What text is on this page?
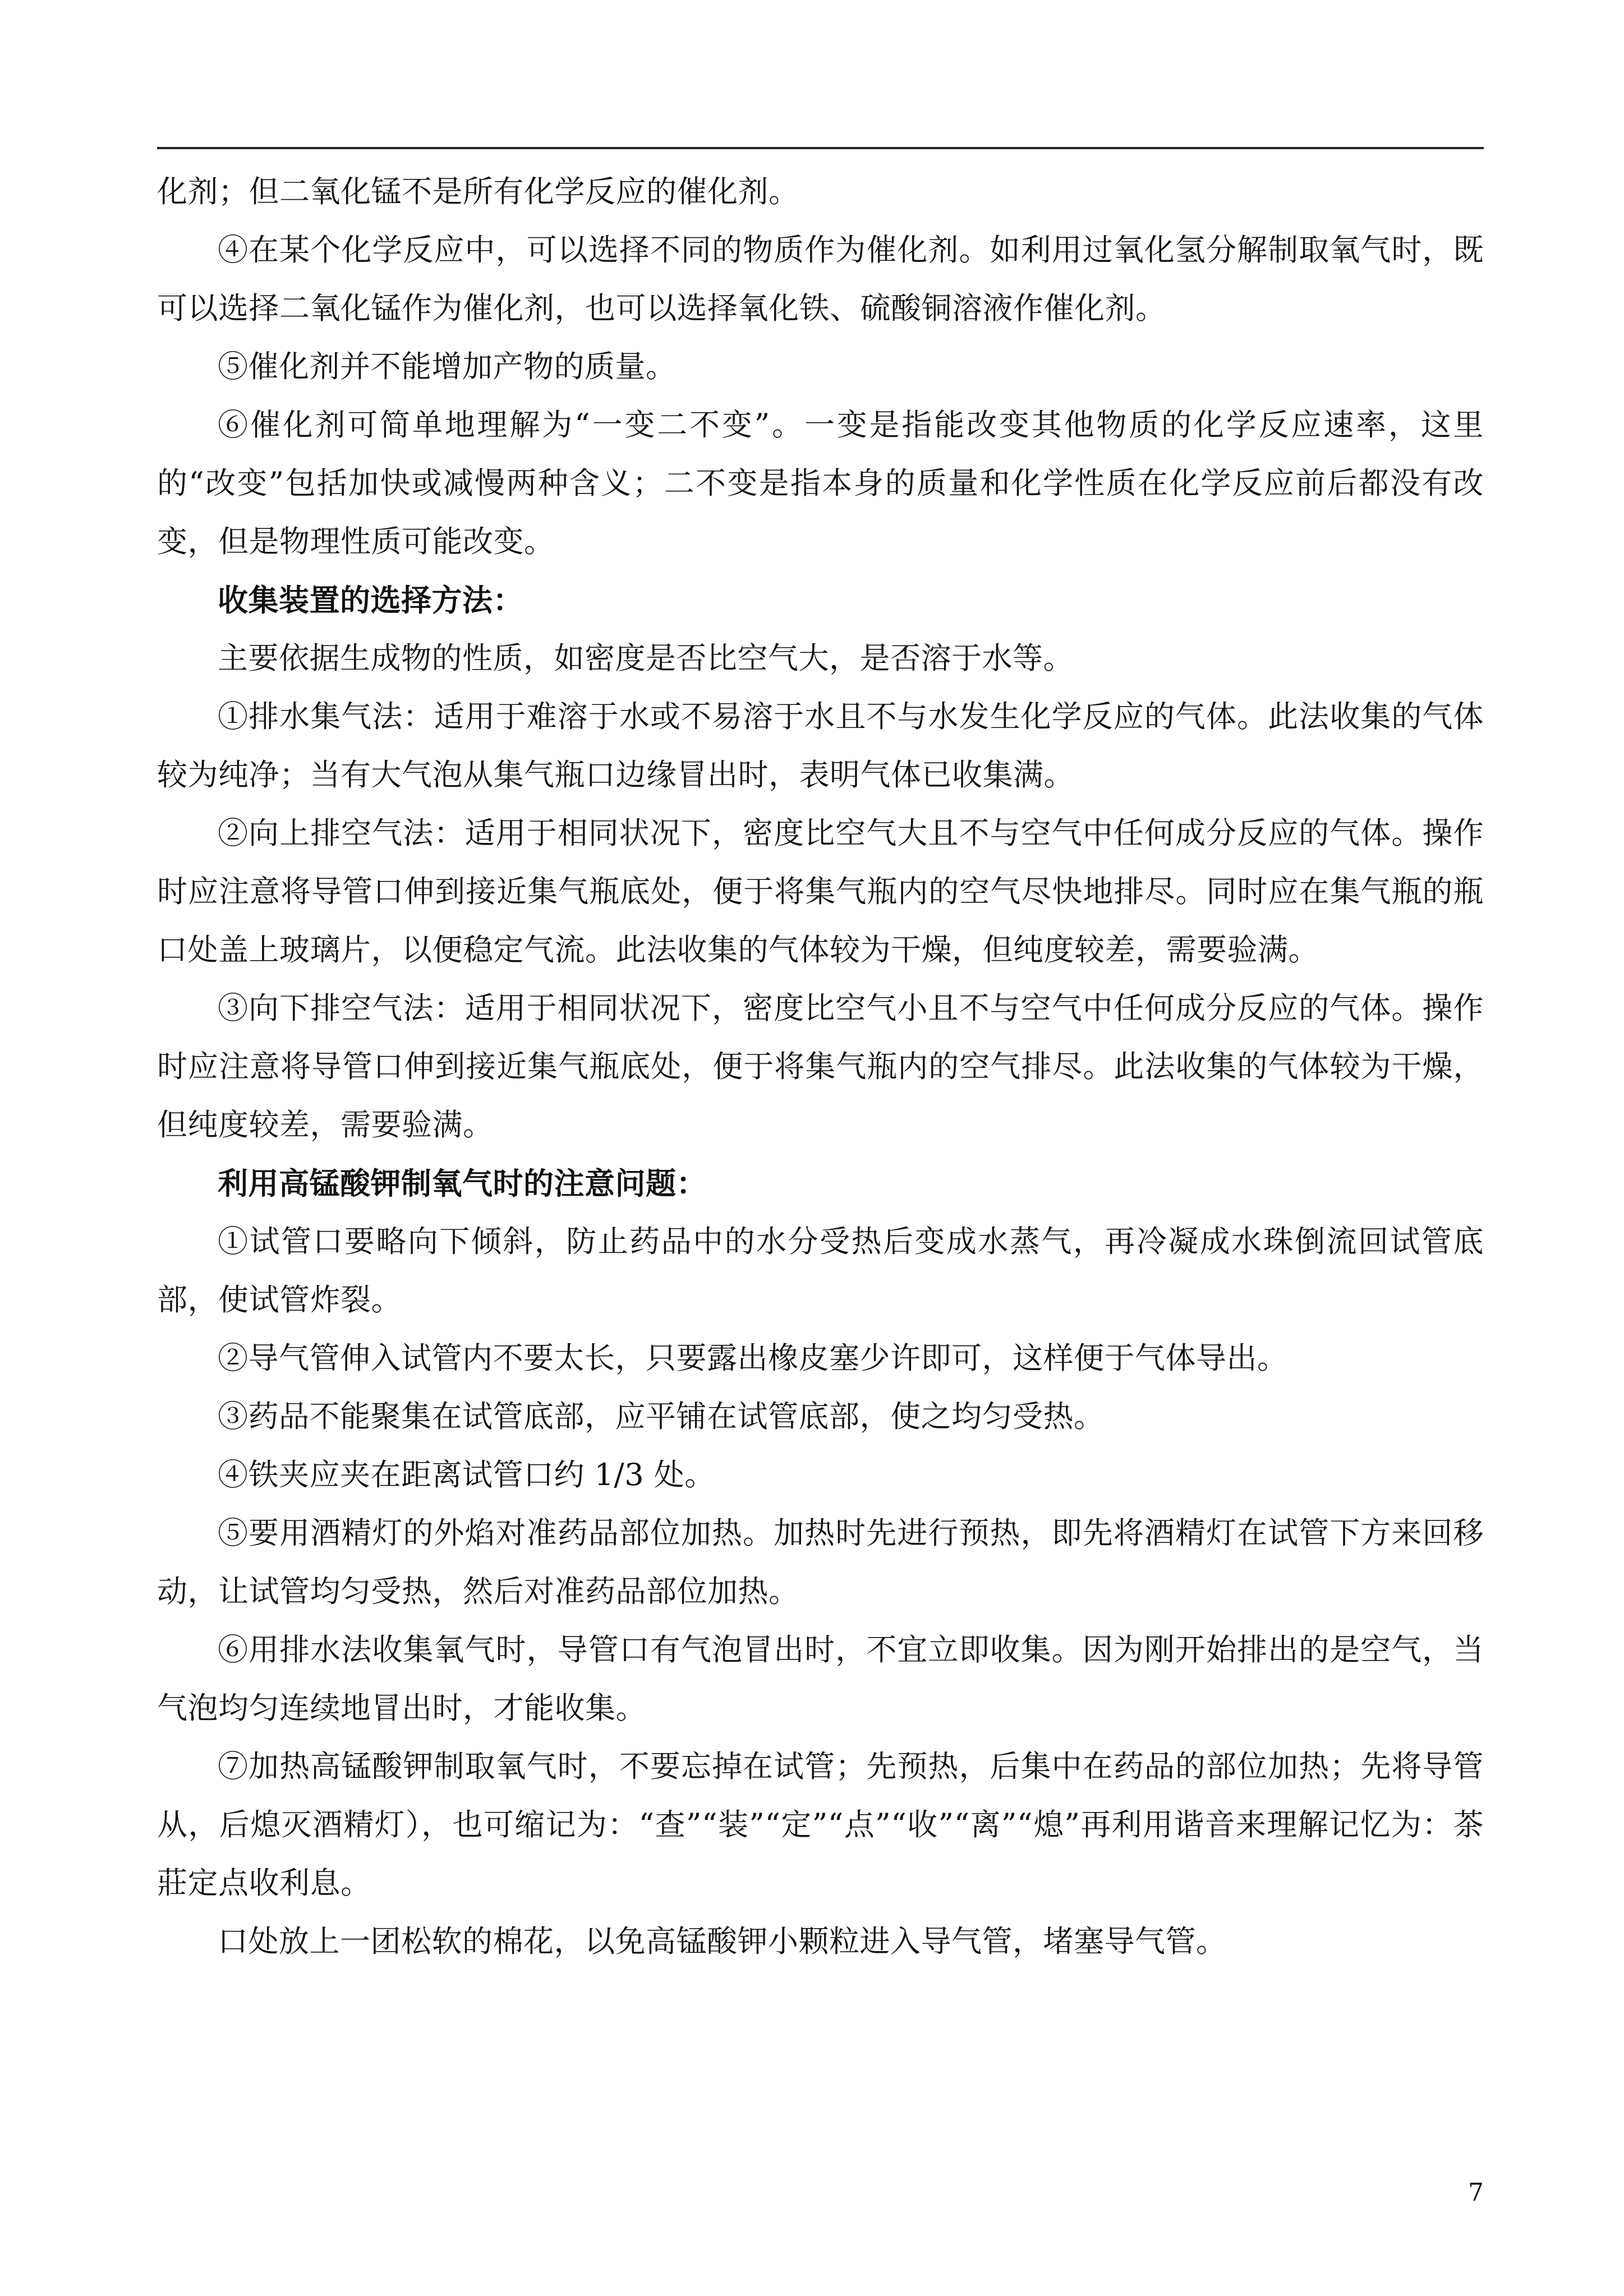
化剂；但二氧化锰不是所有化学反应的催化剂。

④在某个化学反应中，可以选择不同的物质作为催化剂。如利用过氧化氢分解制取氧气时，既可以选择二氧化锰作为催化剂，也可以选择氧化铁、硫酸铜溶液作催化剂。

⑤催化剂并不能增加产物的质量。

⑥催化剂可简单地理解为“一变二不变”。一变是指能改变其他物质的化学反应速率，这里的“改变”包括加快或减慢两种含义；二不变是指本身的质量和化学性质在化学反应前后都没有改变，但是物理性质可能改变。

收集装置的选择方法：

主要依据生成物的性质，如密度是否比空气大，是否溶于水等。

①排水集气法：适用于难溶于水或不易溶于水且不与水发生化学反应的气体。此法收集的气体较为纯净；当有大气泡从集气瓶口边缘冒出时，表明气体已收集满。

②向上排空气法：适用于相同状况下，密度比空气大且不与空气中任何成分反应的气体。操作时应注意将导管口伸到接近集气瓶底处，便于将集气瓶内的空气尽快地排尽。同时应在集气瓶的瓶口处盖上玻璃片，以便稳定气流。此法收集的气体较为干燥，但纯度较差，需要验满。

③向下排空气法：适用于相同状况下，密度比空气小且不与空气中任何成分反应的气体。操作时应注意将导管口伸到接近集气瓶底处，便于将集气瓶内的空气排尽。此法收集的气体较为干燥，但纯度较差，需要验满。

利用高锰酸钾制氧气时的注意问题：

①试管口要略向下倾斜，防止药品中的水分受热后变成水蒸气，再冷凝成水珠倒流回试管底部，使试管炸裂。

②导气管伸入试管内不要太长，只要露出橡皮塞少许即可，这样便于气体导出。

③药品不能聚集在试管底部，应平铺在试管底部，使之均匀受热。

④铁夹应夹在距离试管口约 1/3 处。

⑤要用酒精灯的外焰对准药品部位加热。加热时先进行预热，即先将酒精灯在试管下方来回移动，让试管均匀受热，然后对准药品部位加热。

⑥用排水法收集氧气时，导管口有气泡冒出时，不宜立即收集。因为刚开始排出的是空气，当气泡均匀连续地冒出时，才能收集。

⑦加热高锰酸钾制取氧气时，不要忘掉在试管；先预热，后集中在药品的部位加热；先将导管从，后熄灭酒精灯），也可缩记为：“查”“装”“定”“点”“收”“离”“熄”再利用谐音来理解记忆为：茶莊定点收利息。

口处放上一团松软的棉花，以免高锰酸钾小颗粒进入导气管，堵塞导气管。

7
